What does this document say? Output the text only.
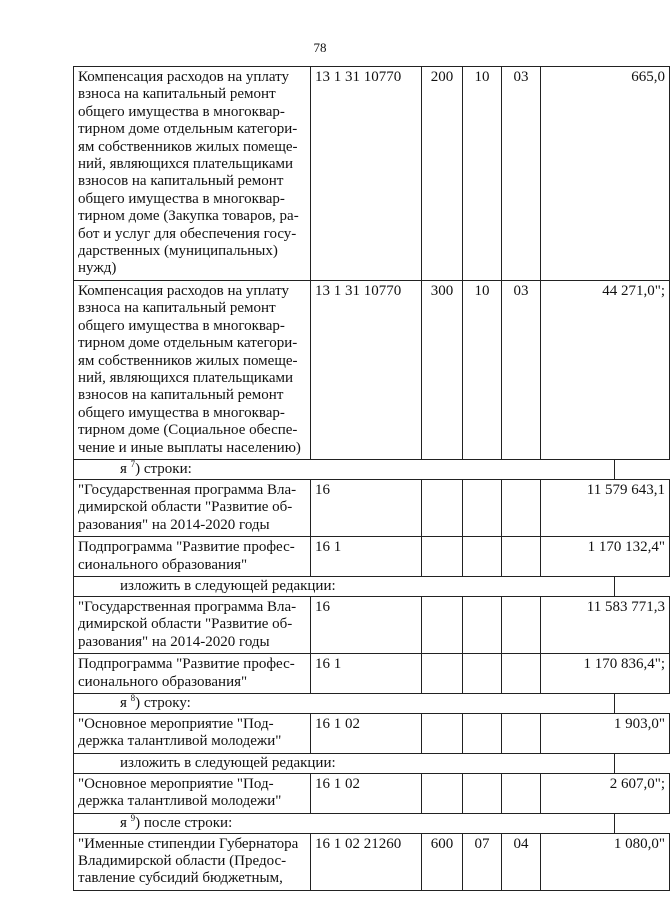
78
Компенсация расходов на уплату взноса на капитальный ремонт общего имущества в многоквар- тирном доме отдельным категори- ям собственников жилых помеще- ний, являющихся плательщиками взносов на капитальный ремонт общего имущества в многоквар- тирном доме (Закупка товаров, ра- бот и услуг для обеспечения госу- дарственных (муниципальных) нужд)	13 1 31 10770	200	10	03	665,0
Компенсация расходов на уплату взноса на капитальный ремонт общего имущества в многоквар- тирном доме отдельным категори- ям собственников жилых помеще- ний, являющихся плательщиками взносов на капитальный ремонт общего имущества в многоквар- тирном доме (Социальное обеспе- чение и иные выплаты населению)	13 1 31 10770	300	10	03	44 271,0";
я $^7$) строки:
"Государственная программа Вла- димирской области "Развитие об- разования" на 2014-2020 годы	16				11 579 643,1
Подпрограмма "Развитие профес- сионального образования"	16 1				1 170 132,4"
изложить в следующей редакции:
"Государственная программа Вла- димирской области "Развитие об- разования" на 2014-2020 годы	16				11 583 771,3
Подпрограмма "Развитие профес- сионального образования"	16 1				1 170 836,4";
я $^8$) строку:
"Основное мероприятие "Под- держка талантливой молодежи"	16 1 02				1 903,0"
изложить в следующей редакции:
"Основное мероприятие "Под- держка талантливой молодежи"	16 1 02				2 607,0";
я $^9$) после строки:
"Именные стипендии Губернатора Владимирской области (Предос- тавление субсидий бюджетным,	16 1 02 21260	600	07	04	1 080,0"
